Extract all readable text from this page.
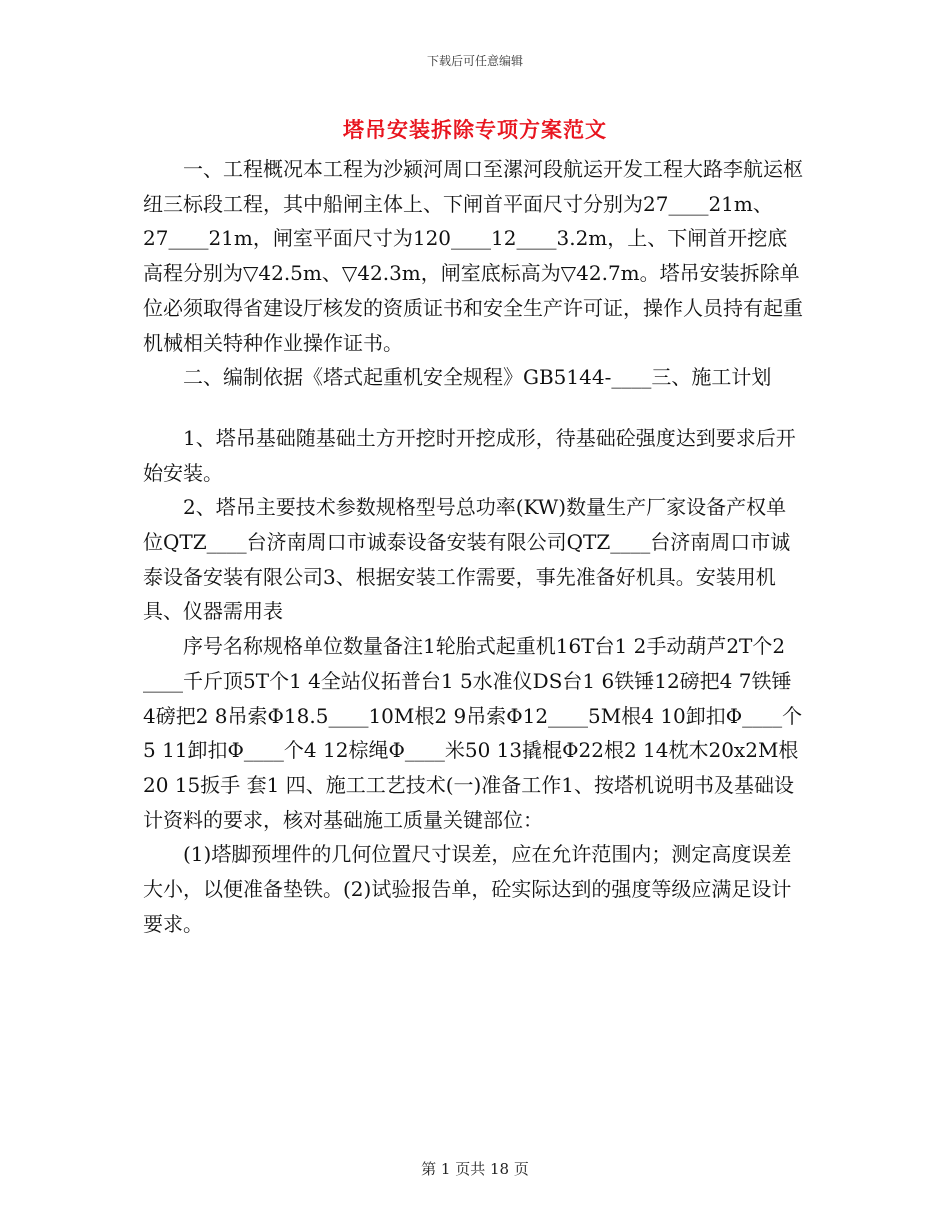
下载后可任意编辑
塔吊安装拆除专项方案范文

一、工程概况本工程为沙颍河周口至漯河段航运开发工程大路李航运枢纽三标段工程，其中船闸主体上、下闸首平面尺寸分别为27____21m、27____21m，闸室平面尺寸为120____12____3.2m，上、下闸首开挖底高程分别为▽42.5m、▽42.3m，闸室底标高为▽42.7m。塔吊安装拆除单位必须取得省建设厅核发的资质证书和安全生产许可证，操作人员持有起重机械相关特种作业操作证书。

二、编制依据《塔式起重机安全规程》GB5144-____三、施工计划

1、塔吊基础随基础土方开挖时开挖成形，待基础砼强度达到要求后开始安装。

2、塔吊主要技术参数规格型号总功率(KW)数量生产厂家设备产权单位QTZ____台济南周口市诚泰设备安装有限公司QTZ____台济南周口市诚泰设备安装有限公司3、根据安装工作需要，事先准备好机具。安装用机具、仪器需用表

序号名称规格单位数量备注1轮胎式起重机16T台1 2手动葫芦2T个2 ____千斤顶5T个1 4全站仪拓普台1 5水准仪DS台1 6铁锤12磅把4 7铁锤4磅把2 8吊索Φ18.5____10M根2 9吊索Φ12____5M根4 10卸扣Φ____个5 11卸扣Φ____个4 12棕绳Φ____米50 13撬棍Φ22根2 14枕木20x2M根20 15扳手 套1 四、施工工艺技术(一)准备工作1、按塔机说明书及基础设计资料的要求，核对基础施工质量关键部位：

(1)塔脚预埋件的几何位置尺寸误差，应在允许范围内；测定高度误差大小，以便准备垫铁。(2)试验报告单，砼实际达到的强度等级应满足设计要求。

第 1 页共 18 页
